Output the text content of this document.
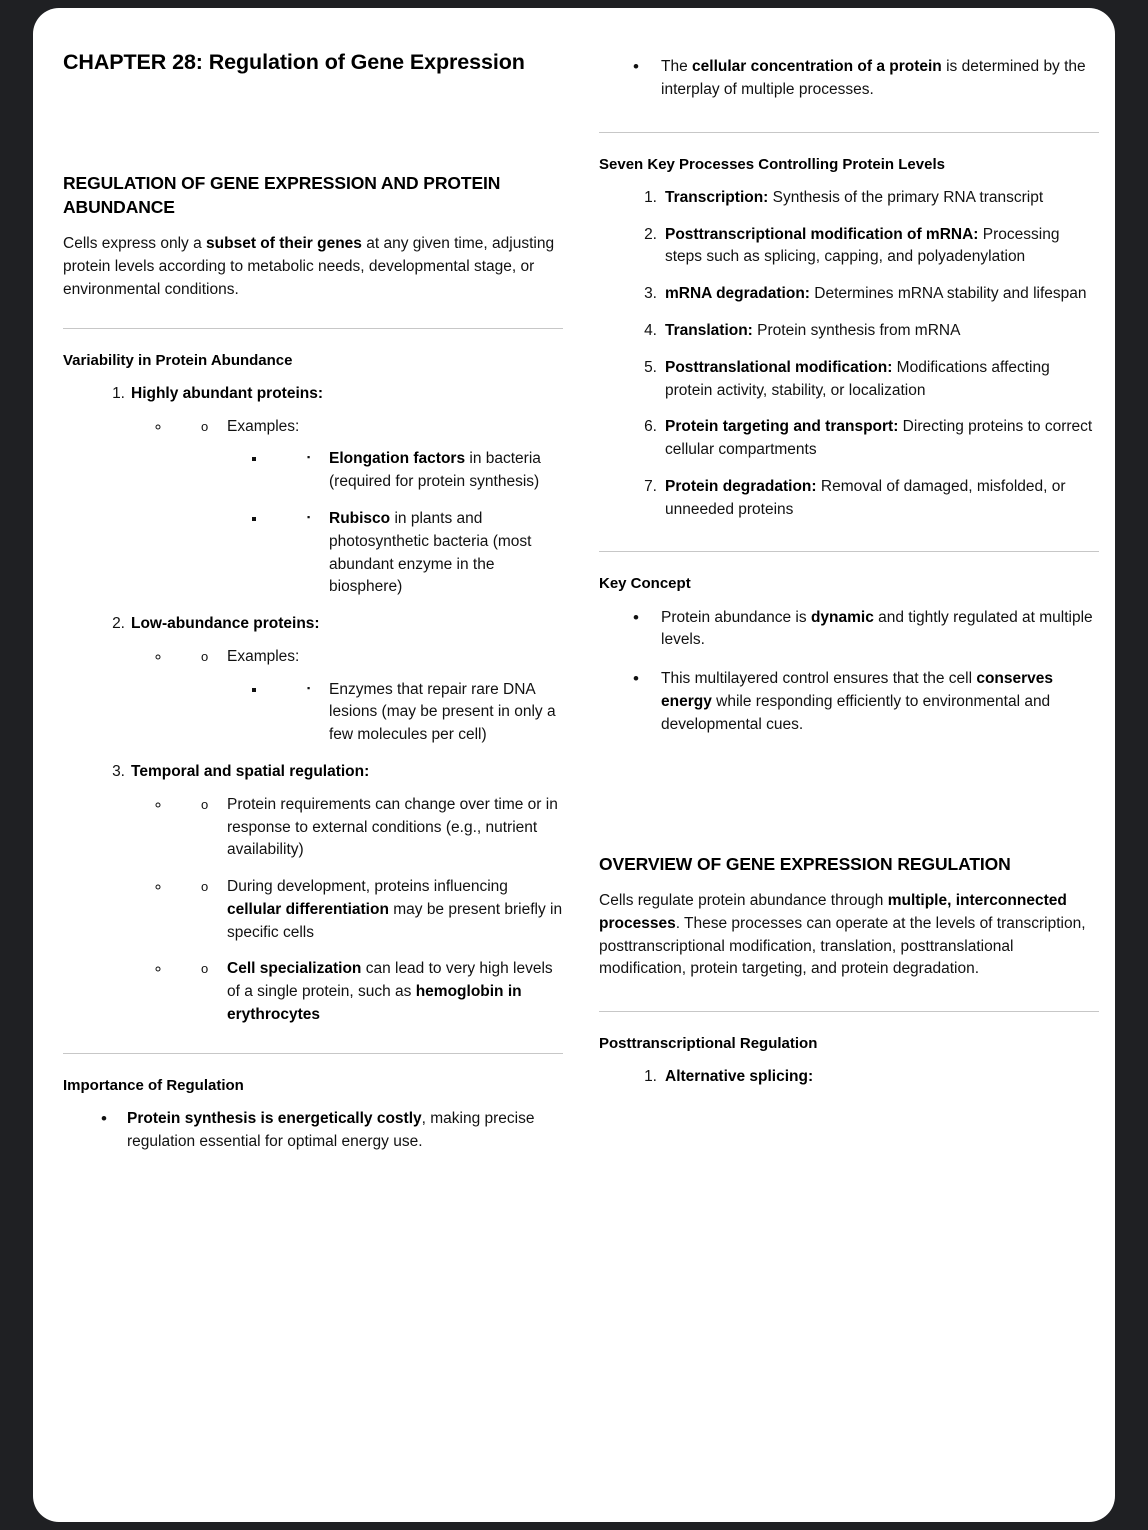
CHAPTER 28: Regulation of Gene Expression
REGULATION OF GENE EXPRESSION AND PROTEIN ABUNDANCE

Cells express only a subset of their genes at any given time, adjusting protein levels according to metabolic needs, developmental stage, or environmental conditions.

Variability in Protein Abundance
1. Highly abundant proteins:
◦ o Examples:
▪ ▪ Elongation factors in bacteria (required for protein synthesis)
▪ ▪ Rubisco in plants and photosynthetic bacteria (most abundant enzyme in the biosphere)
2. Low-abundance proteins:
◦ o Examples:
▪ ▪ Enzymes that repair rare DNA lesions (may be present in only a few molecules per cell)
3. Temporal and spatial regulation:
◦ o Protein requirements can change over time or in response to external conditions (e.g., nutrient availability)
◦ o During development, proteins influencing cellular differentiation may be present briefly in specific cells
◦ o Cell specialization can lead to very high levels of a single protein, such as hemoglobin in erythrocytes
Importance of Regulation
• Protein synthesis is energetically costly, making precise regulation essential for optimal energy use.
• The cellular concentration of a protein is determined by the interplay of multiple processes.
Seven Key Processes Controlling Protein Levels
1. Transcription: Synthesis of the primary RNA transcript
2. Posttranscriptional modification of mRNA: Processing steps such as splicing, capping, and polyadenylation
3. mRNA degradation: Determines mRNA stability and lifespan
4. Translation: Protein synthesis from mRNA
5. Posttranslational modification: Modifications affecting protein activity, stability, or localization
6. Protein targeting and transport: Directing proteins to correct cellular compartments
7. Protein degradation: Removal of damaged, misfolded, or unneeded proteins
Key Concept
• Protein abundance is dynamic and tightly regulated at multiple levels.
• This multilayered control ensures that the cell conserves energy while responding efficiently to environmental and developmental cues.
OVERVIEW OF GENE EXPRESSION REGULATION

Cells regulate protein abundance through multiple, interconnected processes. These processes can operate at the levels of transcription, posttranscriptional modification, translation, posttranslational modification, protein targeting, and protein degradation.

Posttranscriptional Regulation
1. Alternative splicing:
